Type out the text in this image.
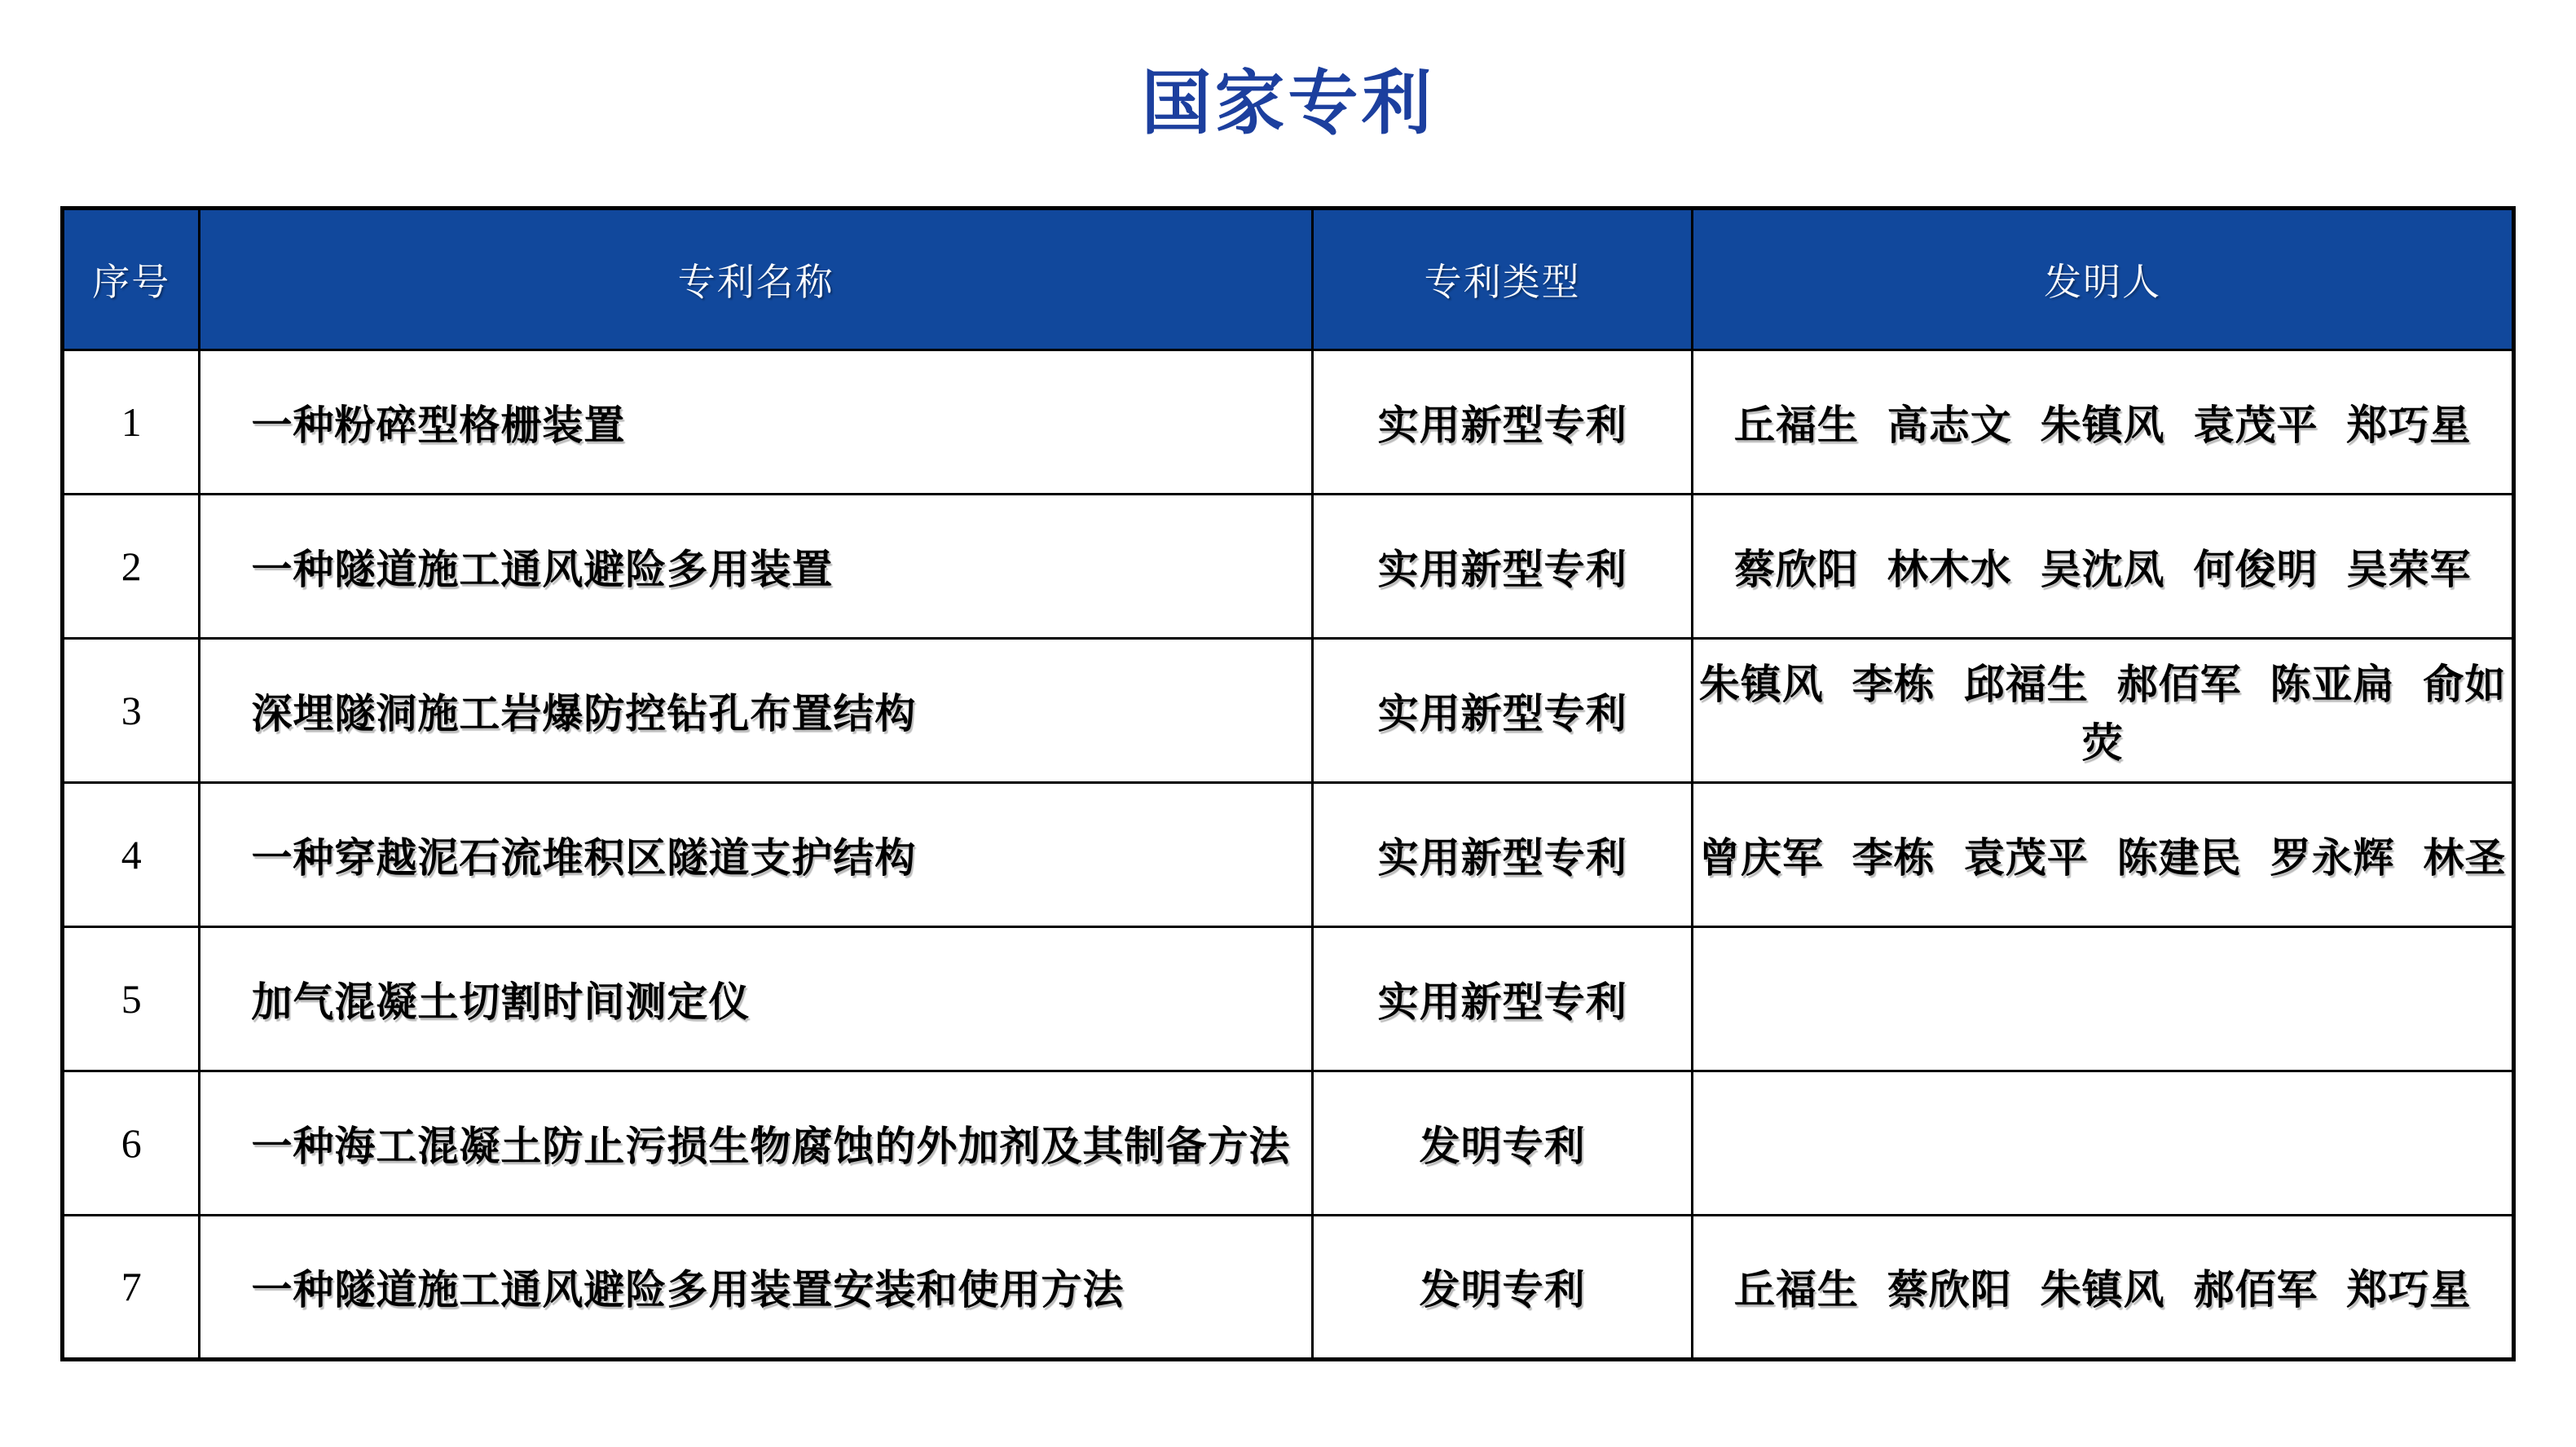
国家专利
序号	专利名称	专利类型	发明人
1	一种粉碎型格栅装置	实用新型专利	丘福生 高志文 朱镇风 袁茂平 郑巧星
2	一种隧道施工通风避险多用装置	实用新型专利	蔡欣阳 林木水 吴沈凤 何俊明 吴荣军
3	深埋隧洞施工岩爆防控钻孔布置结构	实用新型专利	朱镇风 李栋 邱福生 郝佰军 陈亚扁 俞如荧
4	一种穿越泥石流堆积区隧道支护结构	实用新型专利	曾庆军 李栋 袁茂平 陈建民 罗永辉 林圣
5	加气混凝土切割时间测定仪	实用新型专利	
6	一种海工混凝土防止污损生物腐蚀的外加剂及其制备方法	发明专利	
7	一种隧道施工通风避险多用装置安装和使用方法	发明专利	丘福生 蔡欣阳 朱镇风 郝佰军 郑巧星
